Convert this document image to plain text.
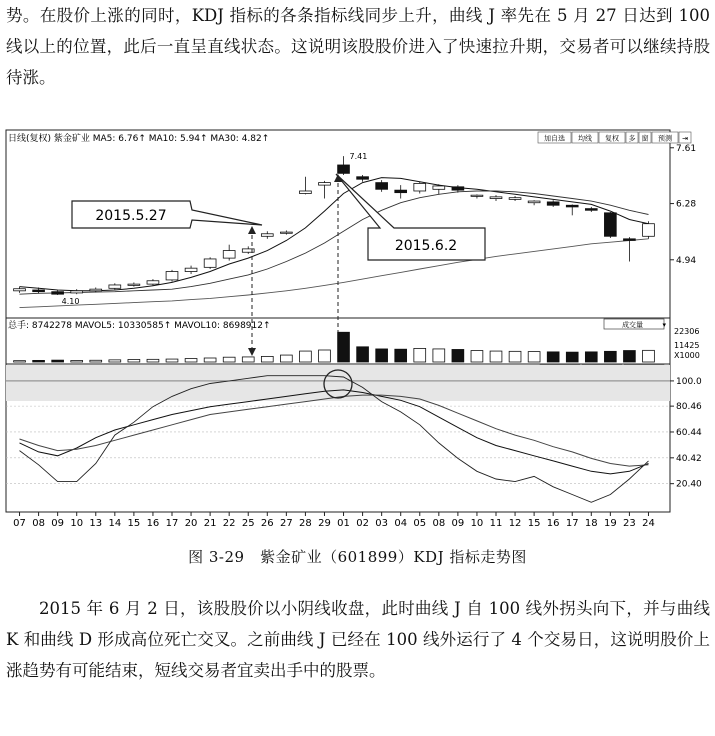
势。在股价上涨的同时，KDJ 指标的各条指标线同步上升，曲线 J 率先在 5 月 27 日达到 100 线以上的位置，此后一直呈直线状态。这说明该股股价进入了快速拉升期，交易者可以继续持股待涨。

日线(复权) 紫金矿业 MA5: 6.76↑ MA10: 5.94↑ MA30: 4.82↑	加自选 均线 复权 多 窗 预测 ⇥
7.61
6.28
4.94
7.41
4.10
2015.5.27
2015.6.2
总手: 8742278 MAVOL5: 10330585↑ MAVOL10: 8698912↑	成交量	▾
22306
11425
X1000
100.0
80.46
60.44
40.42
20.40
07 08 09 10 13 14 15 16 17 20 21 22 25 26 27 28 29 01 02 03 04 05 08 09 10 11 12 15 16 17 18 19 23 24
图 3-29　紫金矿业（601899）KDJ 指标走势图

2015 年 6 月 2 日，该股股价以小阴线收盘，此时曲线 J 自 100 线外拐头向下，并与曲线 K 和曲线 D 形成高位死亡交叉。之前曲线 J 已经在 100 线外运行了 4 个交易日，这说明股价上涨趋势有可能结束，短线交易者宜卖出手中的股票。
